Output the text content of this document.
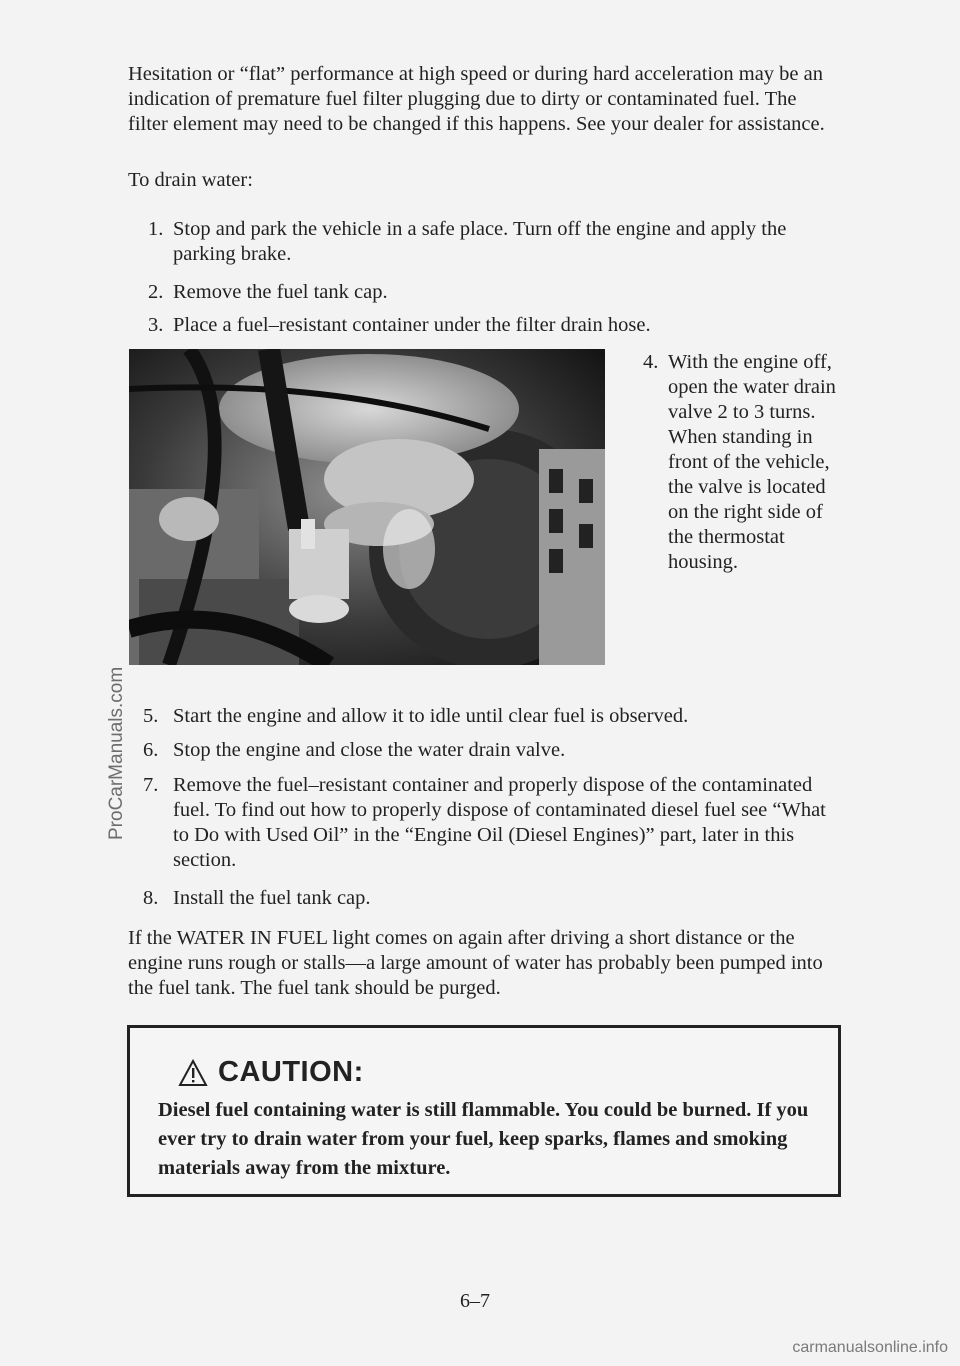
Hesitation or “flat” performance at high speed or during hard acceleration may be an indication of premature fuel filter plugging due to dirty or contaminated fuel. The filter element may need to be changed if this happens. See your dealer for assistance.

To drain water:

1. Stop and park the vehicle in a safe place. Turn off the engine and apply the parking brake.

2. Remove the fuel tank cap.

3. Place a fuel–resistant container under the filter drain hose.

4. With the engine off, open the water drain valve 2 to 3 turns. When standing in front of the vehicle, the valve is located on the right side of the thermostat housing.

5. Start the engine and allow it to idle until clear fuel is observed.

6. Stop the engine and close the water drain valve.

7. Remove the fuel–resistant container and properly dispose of the contaminated fuel. To find out how to properly dispose of contaminated diesel fuel see “What to Do with Used Oil” in the “Engine Oil (Diesel Engines)” part, later in this section.

8. Install the fuel tank cap.

If the WATER IN FUEL light comes on again after driving a short distance or the engine runs rough or stalls—a large amount of water has probably been pumped into the fuel tank. The fuel tank should be purged.

CAUTION:
Diesel fuel containing water is still flammable. You could be burned. If you ever try to drain water from your fuel, keep sparks, flames and smoking materials away from the mixture.
6–7
ProCarManuals.com
carmanualsonline.info
